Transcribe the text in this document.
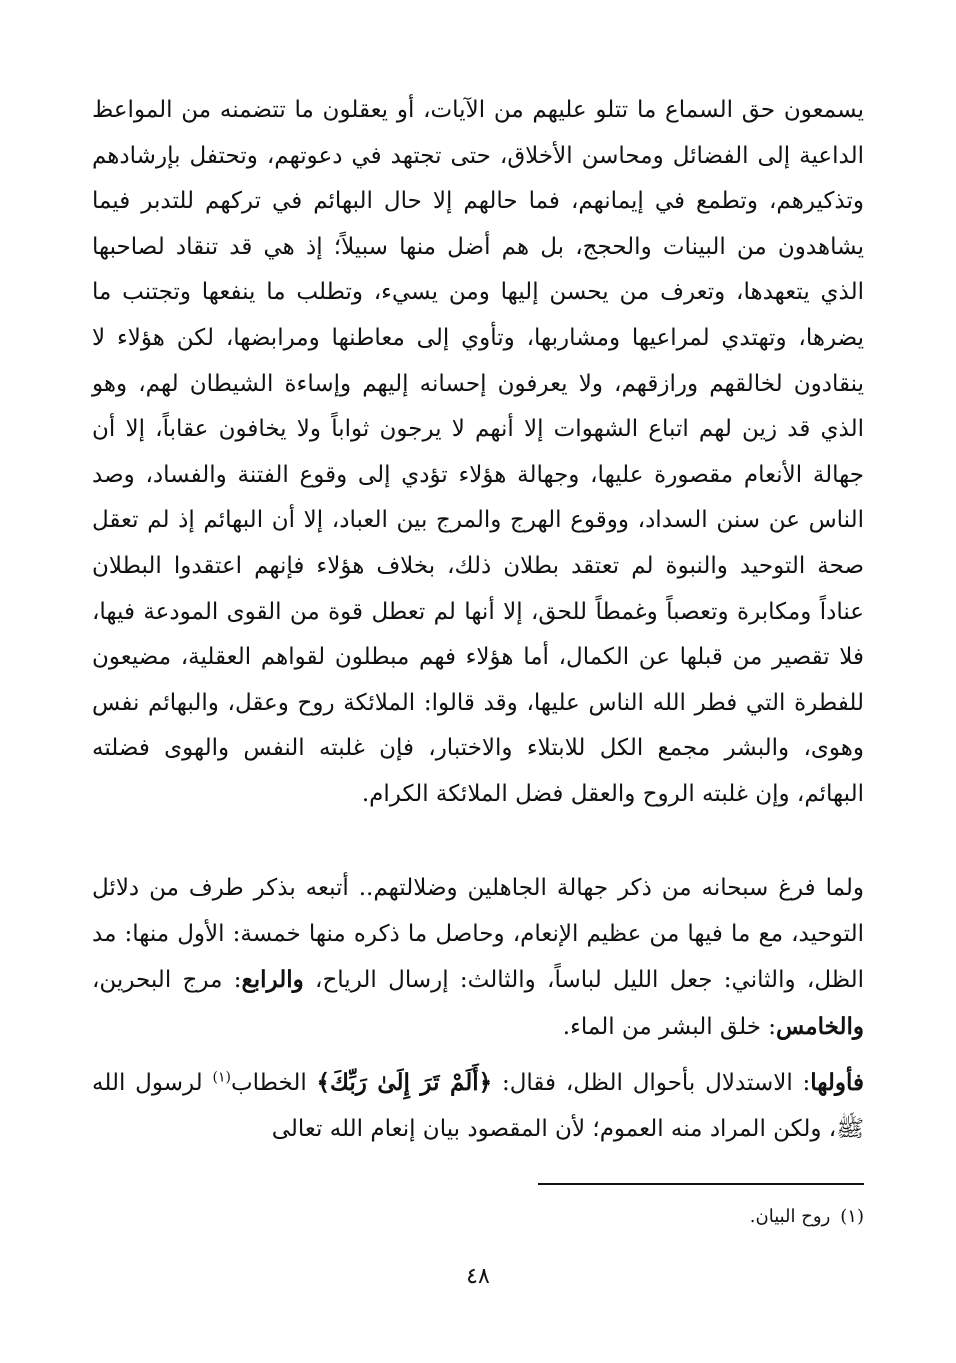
يسمعون حق السماع ما تتلو عليهم من الآيات، أو يعقلون ما تتضمنه من المواعظ الداعية إلى الفضائل ومحاسن الأخلاق، حتى تجتهد في دعوتهم، وتحتفل بإرشادهم وتذكيرهم، وتطمع في إيمانهم، فما حالهم إلا حال البهائم في تركهم للتدبر فيما يشاهدون من البينات والحجج، بل هم أضل منها سبيلاً؛ إذ هي قد تنقاد لصاحبها الذي يتعهدها، وتعرف من يحسن إليها ومن يسيء، وتطلب ما ينفعها وتجتنب ما يضرها، وتهتدي لمراعيها ومشاربها، وتأوي إلى معاطنها ومرابضها، لكن هؤلاء لا ينقادون لخالقهم ورازقهم، ولا يعرفون إحسانه إليهم وإساءة الشيطان لهم، وهو الذي قد زين لهم اتباع الشهوات إلا أنهم لا يرجون ثواباً ولا يخافون عقاباً، إلا أن جهالة الأنعام مقصورة عليها، وجهالة هؤلاء تؤدي إلى وقوع الفتنة والفساد، وصد الناس عن سنن السداد، ووقوع الهرج والمرج بين العباد، إلا أن البهائم إذ لم تعقل صحة التوحيد والنبوة لم تعتقد بطلان ذلك، بخلاف هؤلاء فإنهم اعتقدوا البطلان عناداً ومكابرة وتعصباً وغمطاً للحق، إلا أنها لم تعطل قوة من القوى المودعة فيها، فلا تقصير من قبلها عن الكمال، أما هؤلاء فهم مبطلون لقواهم العقلية، مضيعون للفطرة التي فطر الله الناس عليها، وقد قالوا: الملائكة روح وعقل، والبهائم نفس وهوى، والبشر مجمع الكل للابتلاء والاختبار، فإن غلبته النفس والهوى فضلته البهائم، وإن غلبته الروح والعقل فضل الملائكة الكرام.
ولما فرغ سبحانه من ذكر جهالة الجاهلين وضلالتهم.. أتبعه بذكر طرف من دلائل التوحيد، مع ما فيها من عظيم الإنعام، وحاصل ما ذكره منها خمسة: الأول منها: مد الظل، والثاني: جعل الليل لباساً، والثالث: إرسال الرياح، والرابع: مرج البحرين، والخامس: خلق البشر من الماء.
فأولها: الاستدلال بأحوال الظل، فقال: ﴿أَلَمْ تَرَ إِلَىٰ رَبِّكَ﴾ الخطاب$^{(١)}$ لرسول الله ﷺ، ولكن المراد منه العموم؛ لأن المقصود بيان إنعام الله تعالى
(١)روح البيان.
٤٨
